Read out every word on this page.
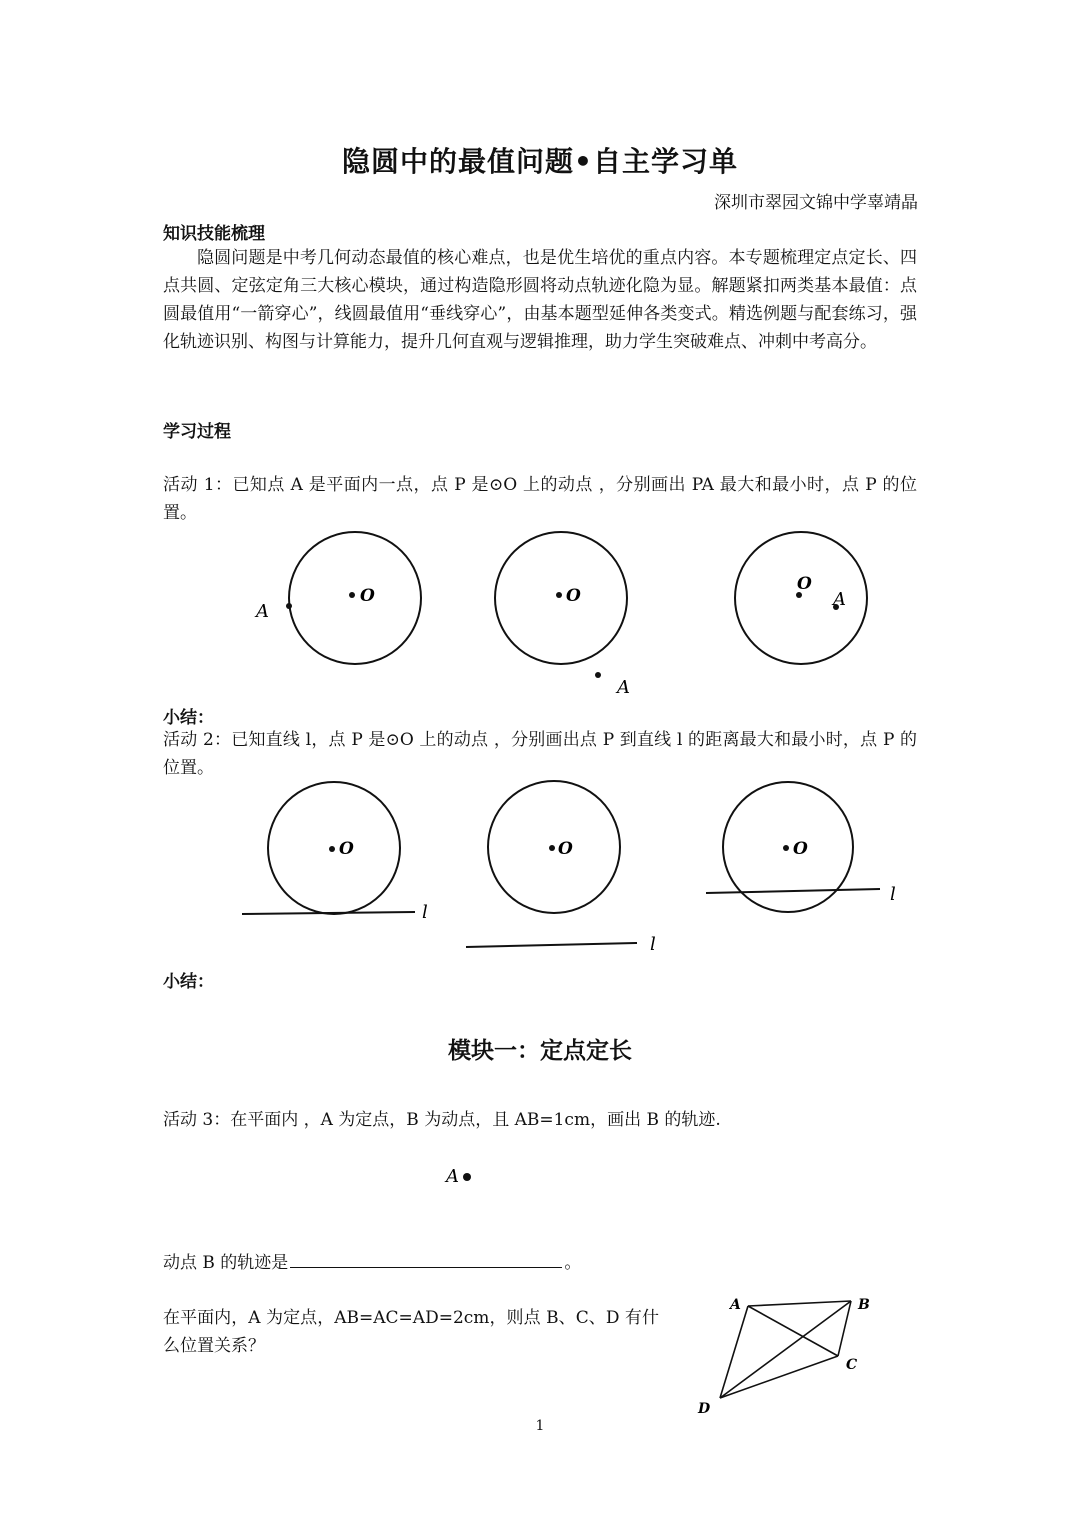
隐圆中的最值问题•自主学习单
深圳市翠园文锦中学辜靖晶
知识技能梳理
隐圆问题是中考几何动态最值的核心难点，也是优生培优的重点内容。本专题梳理定点定长、四点共圆、定弦定角三大核心模块，通过构造隐形圆将动点轨迹化隐为显。解题紧扣两类基本最值：点圆最值用“一箭穿心”，线圆最值用“垂线穿心”，由基本题型延伸各类变式。精选例题与配套练习，强化轨迹识别、构图与计算能力，提升几何直观与逻辑推理，助力学生突破难点、冲刺中考高分。
学习过程
活动 1：已知点 A 是平面内一点，点 P 是⊙O 上的动点 ，分别画出 PA 最大和最小时，点 P 的位置。
O
A
O
A
O
A
小结：
活动 2：已知直线 l，点 P 是⊙O 上的动点 ，分别画出点 P 到直线 l 的距离最大和最小时，点 P 的位置。
O
l
O
l
O
l
小结：
模块一：定点定长
活动 3：在平面内 ，A 为定点，B 为动点，且 AB=1cm，画出 B 的轨迹.
A
动点 B 的轨迹是	。
在平面内，A 为定点，AB=AC=AD=2cm，则点 B、C、D 有什么位置关系？
A	B
C
D
1
